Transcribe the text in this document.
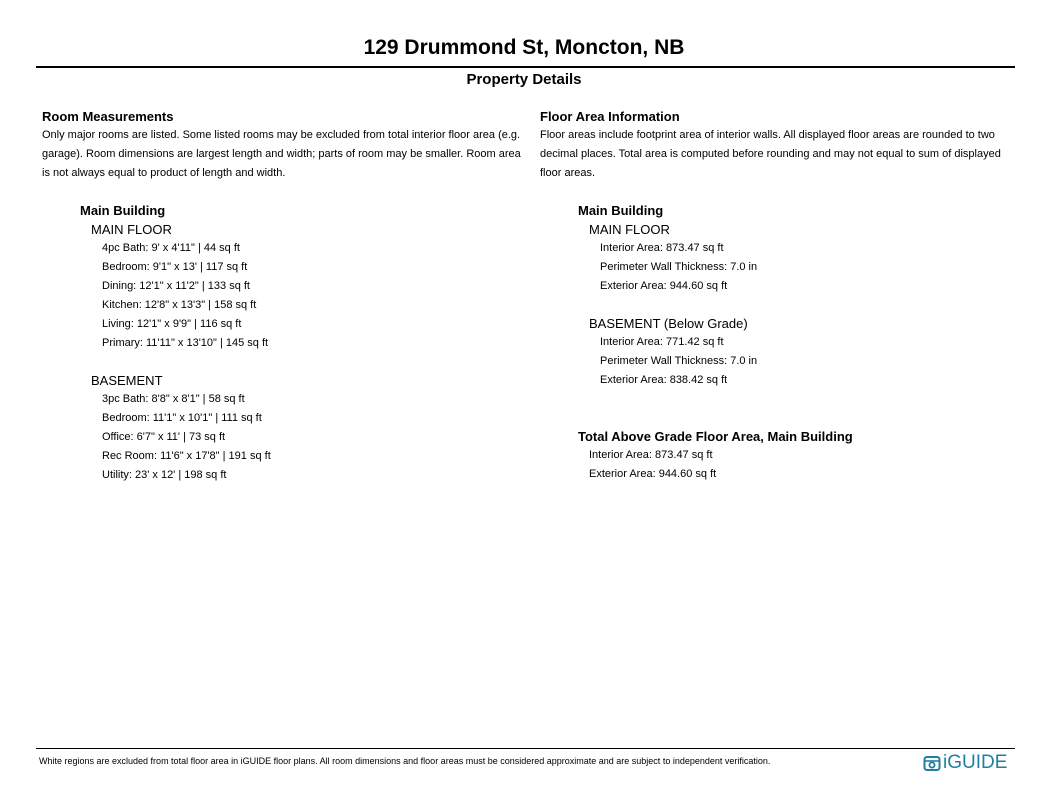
129 Drummond St, Moncton, NB
Property Details
Room Measurements
Only major rooms are listed. Some listed rooms may be excluded from total interior floor area (e.g. garage). Room dimensions are largest length and width; parts of room may be smaller. Room area is not always equal to product of length and width.
Main Building
MAIN FLOOR
4pc Bath: 9' x 4'11" | 44 sq ft
Bedroom: 9'1" x 13' | 117 sq ft
Dining: 12'1" x 11'2" | 133 sq ft
Kitchen: 12'8" x 13'3" | 158 sq ft
Living: 12'1" x 9'9" | 116 sq ft
Primary: 11'11" x 13'10" | 145 sq ft
BASEMENT
3pc Bath: 8'8" x 8'1" | 58 sq ft
Bedroom: 11'1" x 10'1" | 111 sq ft
Office: 6'7" x 11' | 73 sq ft
Rec Room: 11'6" x 17'8" | 191 sq ft
Utility: 23' x 12' | 198 sq ft
Floor Area Information
Floor areas include footprint area of interior walls. All displayed floor areas are rounded to two decimal places. Total area is computed before rounding and may not equal to sum of displayed floor areas.
Main Building
MAIN FLOOR
Interior Area: 873.47 sq ft
Perimeter Wall Thickness: 7.0 in
Exterior Area: 944.60 sq ft
BASEMENT (Below Grade)
Interior Area: 771.42 sq ft
Perimeter Wall Thickness: 7.0 in
Exterior Area: 838.42 sq ft
Total Above Grade Floor Area, Main Building
Interior Area: 873.47 sq ft
Exterior Area: 944.60 sq ft
White regions are excluded from total floor area in iGUIDE floor plans. All room dimensions and floor areas must be considered approximate and are subject to independent verification.	iGUIDE
